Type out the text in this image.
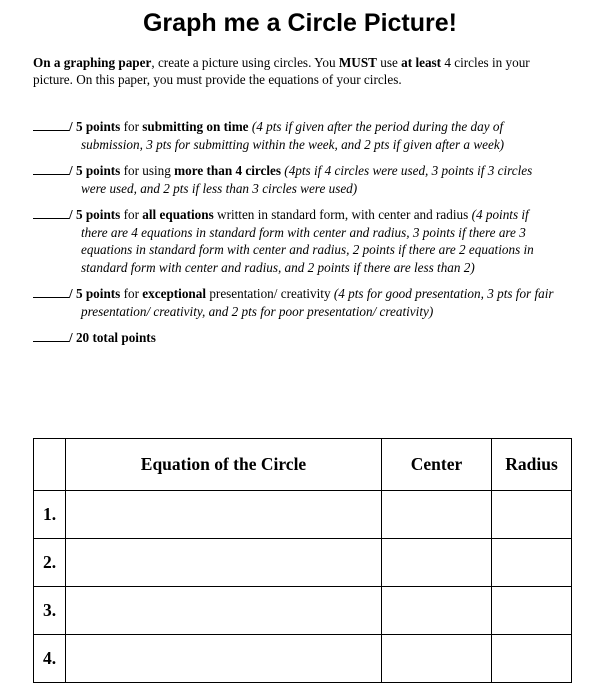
Graph me a Circle Picture!

On a graphing paper, create a picture using circles. You MUST use at least 4 circles in your picture. On this paper, you must provide the equations of your circles.

/ 5 points for submitting on time (4 pts if given after the period during the day of submission, 3 pts for submitting within the week, and 2 pts if given after a week)
/ 5 points for using more than 4 circles (4pts if 4 circles were used, 3 points if 3 circles were used, and 2 pts if less than 3 circles were used)
/ 5 points for all equations written in standard form, with center and radius (4 points if there are 4 equations in standard form with center and radius, 3 points if there are 3 equations in standard form with center and radius, 2 points if there are 2 equations in standard form with center and radius, and 2 points if there are less than 2)
/ 5 points for exceptional presentation/ creativity (4 pts for good presentation, 3 pts for fair presentation/ creativity, and 2 pts for poor presentation/ creativity)
/ 20 total points
	Equation of the Circle	Center	Radius
1.			
2.			
3.			
4.			
